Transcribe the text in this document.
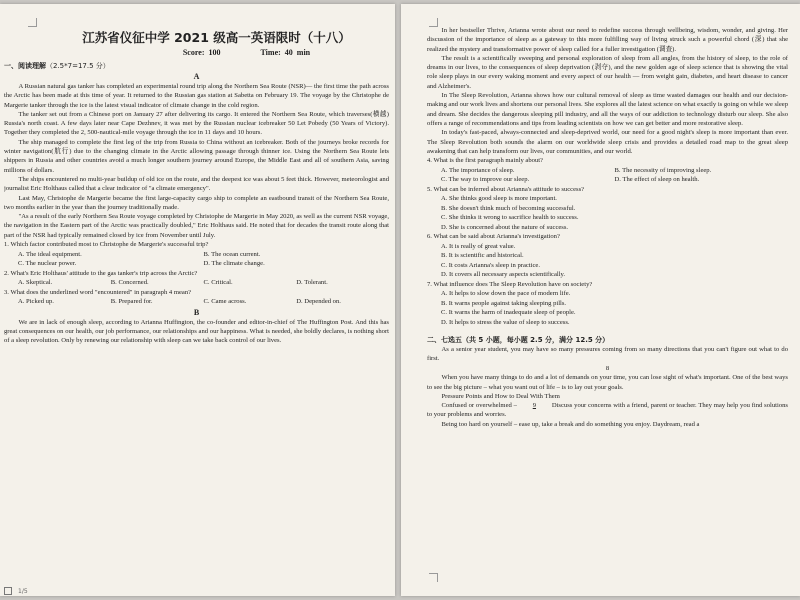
江苏省仪征中学 2021 级高一英语限时（十八）
Score: 100	Time: 40 min
一、阅读理解（2.5*7=17.5 分）
A

A Russian natural gas tanker has completed an experimental round trip along the Northern Sea Route (NSR)— the first time the path across the Arctic has been made at this time of year. It returned to the Russian gas station at Sabetta on February 19. The voyage by the Christophe de Margerie tanker through the ice is the latest visual indicator of climate change in the cold region.

The tanker set out from a Chinese port on January 27 after delivering its cargo. It entered the Northern Sea Route, which traverses(横越) Russia's north coast. A few days later near Cape Dezhnev, it was met by the Russian nuclear icebreaker 50 Let Pobedy (50 Years of Victory). Together they completed the 2, 500-nautical-mile voyage through the ice in 11 days and 10 hours.

The ship managed to complete the first leg of the trip from Russia to China without an icebreaker. Both of the journeys broke records for winter navigation(航行) due to the changing climate in the Arctic allowing passage through thinner ice. Using the Northern Sea Route lets shippers in Russia and other countries avoid a much longer southern journey around Europe, the Middle East and all of southern Asia, saving millions of dollars.

The ships encountered no multi-year buildup of old ice on the route, and the deepest ice was about 5 feet thick. However, meteorologist and journalist Eric Holthaus called that a clear indicator of "a climate emergency".

Last May, Christophe de Margerie became the first large-capacity cargo ship to complete an eastbound transit of the Northern Sea Route, two months earlier in the year than the journey traditionally made.

"As a result of the early Northern Sea Route voyage completed by Christophe de Margerie in May 2020, as well as the current NSR voyage, the navigation in the Eastern part of the Arctic was practically doubled," Eric Holthaus said. He noted that for decades the transit route along that part of the NSR had typically remained closed by ice from November until July.

1. Which factor contributed most to Christophe de Margerie's successful trip?
A. The ideal equipment.	B. The ocean current.
C. The nuclear power.	D. The climate change.
2. What's Eric Holthaus' attitude to the gas tanker's trip across the Arctic?
A. Skeptical.	B. Concerned.	C. Critical.	D. Tolerant.
3. What does the underlined word "encountered" in paragraph 4 mean?
A. Picked up.	B. Prepared for.	C. Came across.	D. Depended on.
B

We are in lack of enough sleep, according to Arianna Huffington, the co-founder and editor-in-chief of The Huffington Post. And this has great consequences on our health, our job performance, our relationships and our happiness. What is needed, she boldly declares, is nothing short of a sleep revolution. Only by renewing our relationship with sleep can we take back control of our lives.

1/5

In her bestseller Thrive, Arianna wrote about our need to redefine success through wellbeing, wisdom, wonder, and giving. Her discussion of the importance of sleep as a gateway to this more fulfilling way of living struck such a powerful chord (深) that she realized the mystery and transformative power of sleep called for a fuller investigation (调查).

The result is a scientifically sweeping and personal exploration of sleep from all angles, from the history of sleep, to the role of dreams in our lives, to the consequences of sleep deprivation (剥夺), and the new golden age of sleep science that is showing the vital role sleep plays in our every waking moment and every aspect of our health — from weight gain, diabetes, and heart disease to cancer and Alzheimer's.

In The Sleep Revolution, Arianna shows how our cultural removal of sleep as time wasted damages our health and our decision-making and our work lives and shortens our personal lives. She explores all the latest science on what exactly is going on while we sleep and dream. She decides the dangerous sleeping pill industry, and all the ways of our addiction to technology disturb our sleep. She also offers a range of recommendations and tips from leading scientists on how we can get better and more restorative sleep.

In today's fast-paced, always-connected and sleep-deprived world, our need for a good night's sleep is more important than ever. The Sleep Revolution both sounds the alarm on our worldwide sleep crisis and provides a detailed road map to the great sleep awakening that can help transform our lives, our communities, and our world.

4. What is the first paragraph mainly about?
A. The importance of sleep.	B. The necessity of improving sleep.
C. The way to improve our sleep.	D. The effect of sleep on health.
5. What can be inferred about Arianna's attitude to success?
A. She thinks good sleep is more important.
B. She doesn't think much of becoming successful.
C. She thinks it wrong to sacrifice health to success.
D. She is concerned about the nature of success.
6. What can be said about Arianna's investigation?
A. It is really of great value.
B. It is scientific and historical.
C. It costs Arianna's sleep in practice.
D. It covers all necessary aspects scientifically.
7. What influence does The Sleep Revolution have on society?
A. It helps to slow down the pace of modern life.
B. It warns people against taking sleeping pills.
C. It warns the harm of inadequate sleep of people.
D. It helps to stress the value of sleep to success.
二、七选五（共 5 小题，每小题 2.5 分，满分 12.5 分）

As a senior year student, you may have so many pressures coming from so many directions that you can't figure out what to do first.

8

When you have many things to do and a lot of demands on your time, you can lose sight of what's important. One of the best ways to see the big picture – what you want out of life – is to lay out your goals.

Pressure Points and How to Deal With Them

Confused or overwhelmed – 9 Discuss your concerns with a friend, parent or teacher. They may help you find solutions to your problems and worries.

Being too hard on yourself – ease up, take a break and do something you enjoy. Daydream, read a
